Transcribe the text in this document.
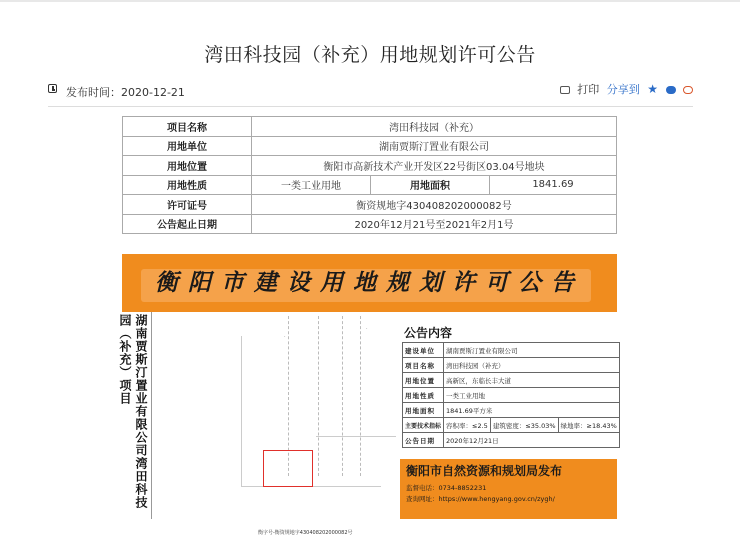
湾田科技园（补充）用地规划许可公告
发布时间：2020-12-21	打印 分享到 ★
项目名称	湾田科技园（补充）		
用地单位	湖南贾斯汀置业有限公司		
用地位置	衡阳市高新技术产业开发区22号街区03.04号地块		
用地性质	一类工业用地	用地面积	1841.69
许可证号	衡资规地字430408202000082号		
公告起止日期	2020年12月21号至2021年2月1号		
衡阳市建设用地规划许可公告
湖南贾斯汀置业有限公司湾田科技园（补充）项目	·
·
衡字号-衡资规地字430408202000082号
公告内容
建设单位	湖南贾斯汀置业有限公司		
项目名称	湾田科技园（补充）		
用地位置	高新区，东临长丰大道		
用地性质	一类工业用地		
用地面积	1841.69平方米		
主要技术指标	容积率：≤2.5	建筑密度：≤35.03%	绿地率：≥18.43%
公告日期	2020年12月21日		
衡阳市自然资源和规划局发布
监督电话：0734-8852231
查询网址：https://www.hengyang.gov.cn/zygh/
